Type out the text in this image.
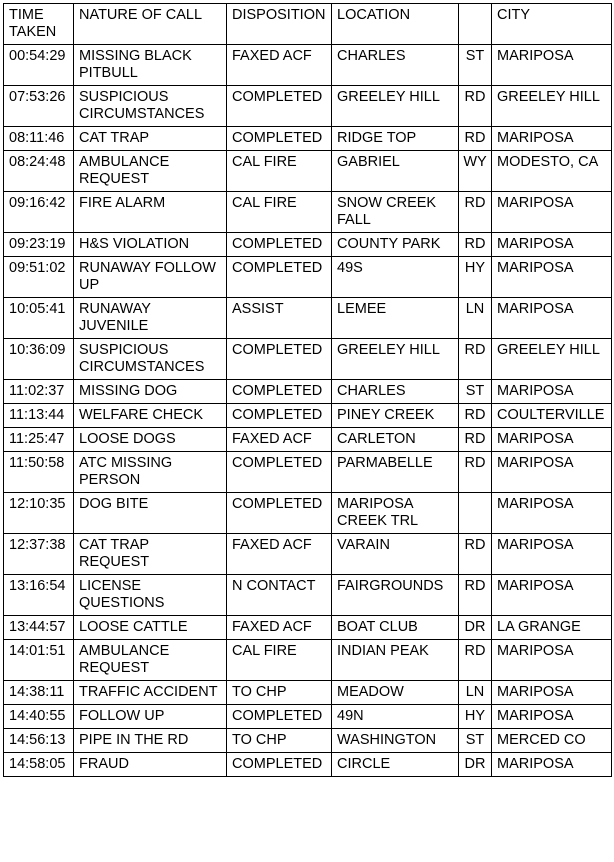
TIME TAKEN	NATURE OF CALL	DISPOSITION	LOCATION		CITY
00:54:29	MISSING BLACK PITBULL	FAXED ACF	CHARLES	ST	MARIPOSA
07:53:26	SUSPICIOUS CIRCUMSTANCES	COMPLETED	GREELEY HILL	RD	GREELEY HILL
08:11:46	CAT TRAP	COMPLETED	RIDGE TOP	RD	MARIPOSA
08:24:48	AMBULANCE REQUEST	CAL FIRE	GABRIEL	WY	MODESTO, CA
09:16:42	FIRE ALARM	CAL FIRE	SNOW CREEK FALL	RD	MARIPOSA
09:23:19	H&S VIOLATION	COMPLETED	COUNTY PARK	RD	MARIPOSA
09:51:02	RUNAWAY FOLLOW UP	COMPLETED	49S	HY	MARIPOSA
10:05:41	RUNAWAY JUVENILE	ASSIST	LEMEE	LN	MARIPOSA
10:36:09	SUSPICIOUS CIRCUMSTANCES	COMPLETED	GREELEY HILL	RD	GREELEY HILL
11:02:37	MISSING DOG	COMPLETED	CHARLES	ST	MARIPOSA
11:13:44	WELFARE CHECK	COMPLETED	PINEY CREEK	RD	COULTERVILLE
11:25:47	LOOSE DOGS	FAXED ACF	CARLETON	RD	MARIPOSA
11:50:58	ATC MISSING PERSON	COMPLETED	PARMABELLE	RD	MARIPOSA
12:10:35	DOG BITE	COMPLETED	MARIPOSA CREEK TRL		MARIPOSA
12:37:38	CAT TRAP REQUEST	FAXED ACF	VARAIN	RD	MARIPOSA
13:16:54	LICENSE QUESTIONS	N CONTACT	FAIRGROUNDS	RD	MARIPOSA
13:44:57	LOOSE CATTLE	FAXED ACF	BOAT CLUB	DR	LA GRANGE
14:01:51	AMBULANCE REQUEST	CAL FIRE	INDIAN PEAK	RD	MARIPOSA
14:38:11	TRAFFIC ACCIDENT	TO CHP	MEADOW	LN	MARIPOSA
14:40:55	FOLLOW UP	COMPLETED	49N	HY	MARIPOSA
14:56:13	PIPE IN THE RD	TO CHP	WASHINGTON	ST	MERCED CO
14:58:05	FRAUD	COMPLETED	CIRCLE	DR	MARIPOSA
